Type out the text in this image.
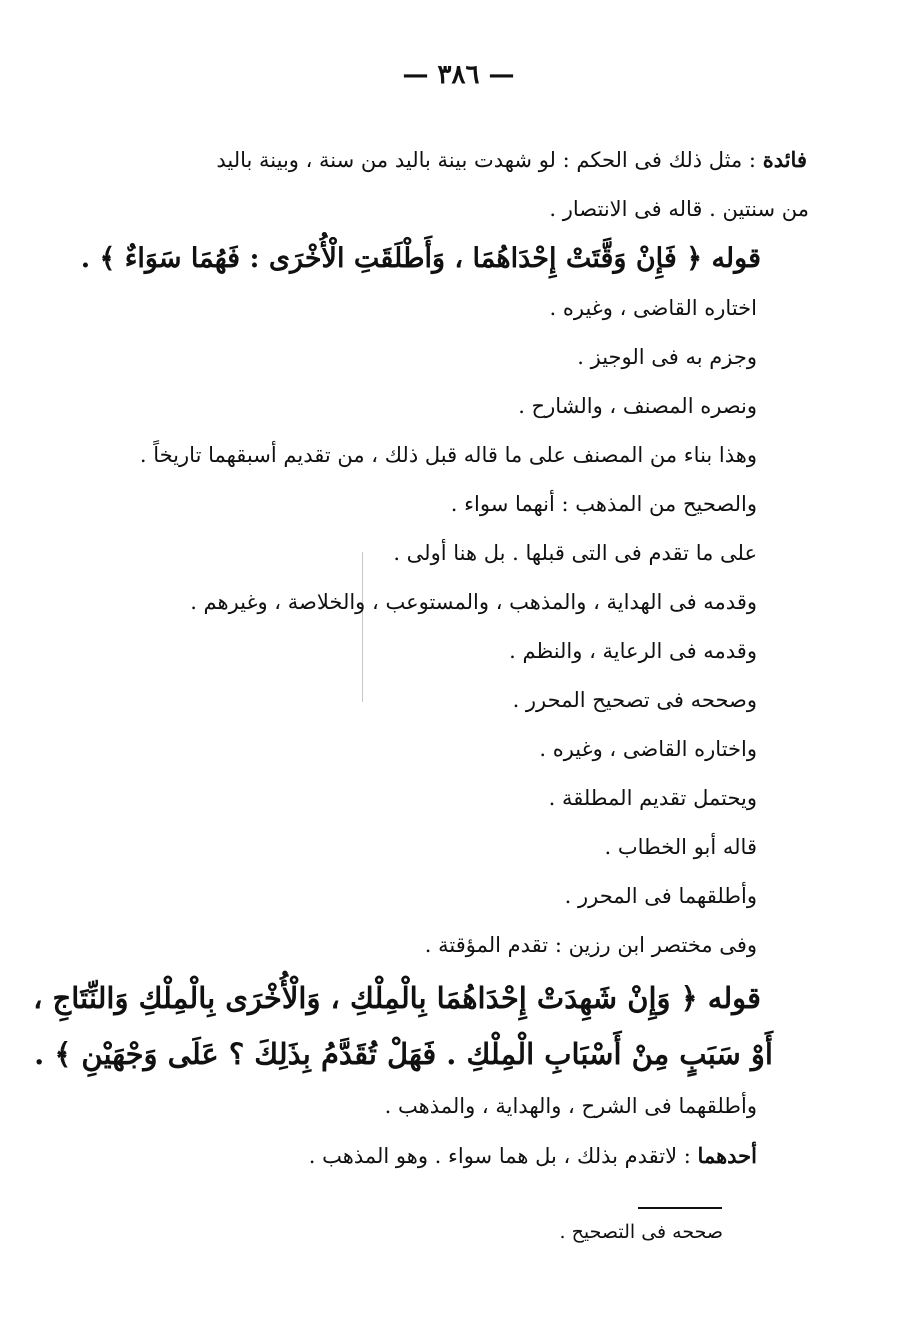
— ٣٨٦ —
فائدة : مثل ذلك فى الحكم : لو شهدت بينة باليد من سنة ، وبينة باليد
من سنتين . قاله فى الانتصار .
قوله ﴿ فَإِنْ وَقَّتَتْ إِحْدَاهُمَا ، وَأَطْلَقَتِ الْأُخْرَى : فَهُمَا سَوَاءٌ ﴾ .
اختاره القاضى ، وغيره .
وجزم به فى الوجيز .
ونصره المصنف ، والشارح .
وهذا بناء من المصنف على ما قاله قبل ذلك ، من تقديم أسبقهما تاريخاً .
والصحيح من المذهب : أنهما سواء .
على ما تقدم فى التى قبلها . بل هنا أولى .
وقدمه فى الهداية ، والمذهب ، والمستوعب ، والخلاصة ، وغيرهم .
وقدمه فى الرعاية ، والنظم .
وصححه فى تصحيح المحرر .
واختاره القاضى ، وغيره .
ويحتمل تقديم المطلقة .
قاله أبو الخطاب .
وأطلقهما فى المحرر .
وفى مختصر ابن رزين : تقدم المؤقتة .
قوله ﴿ وَإِنْ شَهِدَتْ إِحْدَاهُمَا بِالْمِلْكِ ، وَالْأُخْرَى بِالْمِلْكِ وَالنِّتَاجِ ،
أَوْ سَبَبٍ مِنْ أَسْبَابِ الْمِلْكِ . فَهَلْ تُقَدَّمُ بِذَلِكَ ؟ عَلَى وَجْهَيْنِ ﴾ .
وأطلقهما فى الشرح ، والهداية ، والمذهب .
أحدهما : لاتقدم بذلك ، بل هما سواء . وهو المذهب .
صححه فى التصحيح .
